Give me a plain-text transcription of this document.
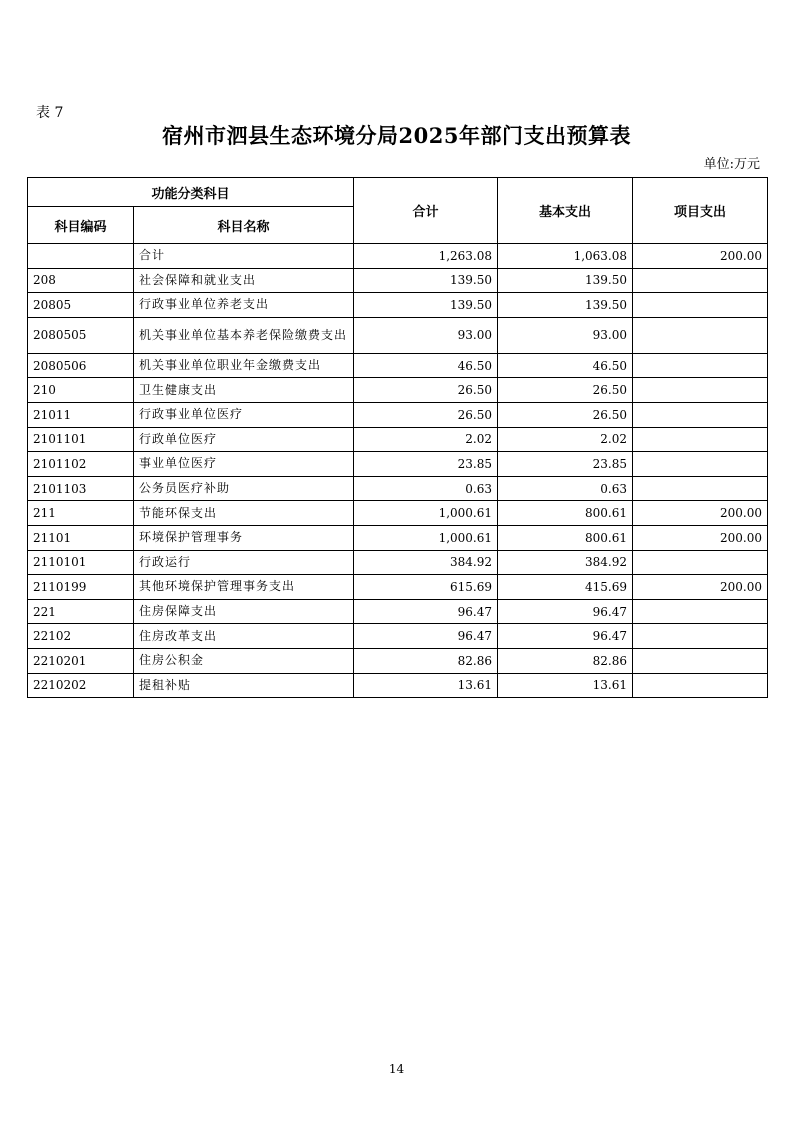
表 7
宿州市泗县生态环境分局2025年部门支出预算表
单位:万元
功能分类科目		合计	基本支出	项目支出
科目编码	科目名称			
	合计	1,263.08	1,063.08	200.00
208	社会保障和就业支出	139.50	139.50	
20805	行政事业单位养老支出	139.50	139.50	
2080505	机关事业单位基本养老保险缴费支出	93.00	93.00	
2080506	机关事业单位职业年金缴费支出	46.50	46.50	
210	卫生健康支出	26.50	26.50	
21011	行政事业单位医疗	26.50	26.50	
2101101	行政单位医疗	2.02	2.02	
2101102	事业单位医疗	23.85	23.85	
2101103	公务员医疗补助	0.63	0.63	
211	节能环保支出	1,000.61	800.61	200.00
21101	环境保护管理事务	1,000.61	800.61	200.00
2110101	行政运行	384.92	384.92	
2110199	其他环境保护管理事务支出	615.69	415.69	200.00
221	住房保障支出	96.47	96.47	
22102	住房改革支出	96.47	96.47	
2210201	住房公积金	82.86	82.86	
2210202	提租补贴	13.61	13.61	
14
